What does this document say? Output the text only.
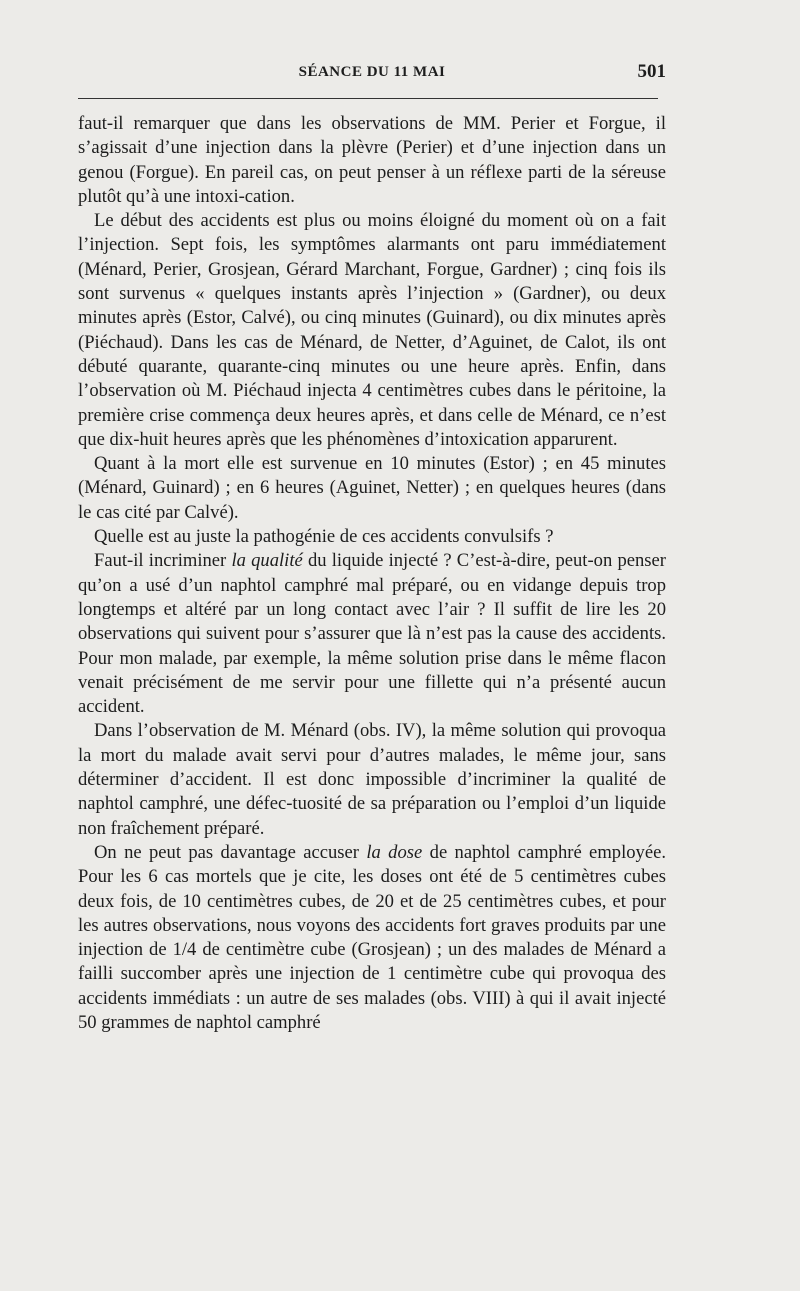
SÉANCE DU 11 MAI	501

faut-il remarquer que dans les observations de MM. Perier et Forgue, il s’agissait d’une injection dans la plèvre (Perier) et d’une injection dans un genou (Forgue). En pareil cas, on peut penser à un réflexe parti de la séreuse plutôt qu’à une intoxi-cation.

Le début des accidents est plus ou moins éloigné du moment où on a fait l’injection. Sept fois, les symptômes alarmants ont paru immédiatement (Ménard, Perier, Grosjean, Gérard Marchant, Forgue, Gardner) ; cinq fois ils sont survenus « quelques instants après l’injection » (Gardner), ou deux minutes après (Estor, Calvé), ou cinq minutes (Guinard), ou dix minutes après (Piéchaud). Dans les cas de Ménard, de Netter, d’Aguinet, de Calot, ils ont débuté quarante, quarante-cinq minutes ou une heure après. Enfin, dans l’observation où M. Piéchaud injecta 4 centimètres cubes dans le péritoine, la première crise commença deux heures après, et dans celle de Ménard, ce n’est que dix-huit heures après que les phénomènes d’intoxication apparurent.

Quant à la mort elle est survenue en 10 minutes (Estor) ; en 45 minutes (Ménard, Guinard) ; en 6 heures (Aguinet, Netter) ; en quelques heures (dans le cas cité par Calvé).

Quelle est au juste la pathogénie de ces accidents convulsifs ?

Faut-il incriminer la qualité du liquide injecté ? C’est-à-dire, peut-on penser qu’on a usé d’un naphtol camphré mal préparé, ou en vidange depuis trop longtemps et altéré par un long contact avec l’air ? Il suffit de lire les 20 observations qui suivent pour s’assurer que là n’est pas la cause des accidents. Pour mon malade, par exemple, la même solution prise dans le même flacon venait précisément de me servir pour une fillette qui n’a présenté aucun accident.

Dans l’observation de M. Ménard (obs. IV), la même solution qui provoqua la mort du malade avait servi pour d’autres malades, le même jour, sans déterminer d’accident. Il est donc impossible d’incriminer la qualité de naphtol camphré, une défec-tuosité de sa préparation ou l’emploi d’un liquide non fraîchement préparé.

On ne peut pas davantage accuser la dose de naphtol camphré employée. Pour les 6 cas mortels que je cite, les doses ont été de 5 centimètres cubes deux fois, de 10 centimètres cubes, de 20 et de 25 centimètres cubes, et pour les autres observations, nous voyons des accidents fort graves produits par une injection de 1/4 de centimètre cube (Grosjean) ; un des malades de Ménard a failli succomber après une injection de 1 centimètre cube qui provoqua des accidents immédiats : un autre de ses malades (obs. VIII) à qui il avait injecté 50 grammes de naphtol camphré
